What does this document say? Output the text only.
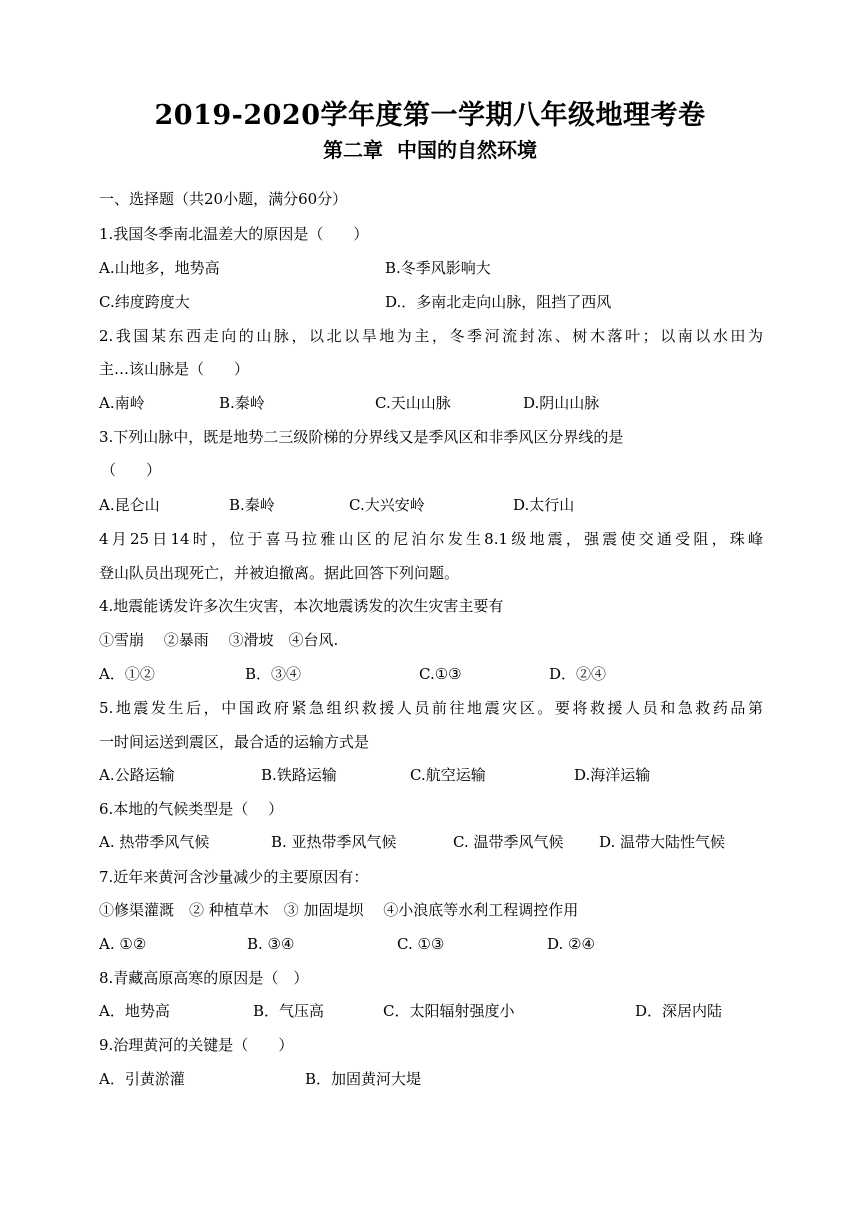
2019-2020学年度第一学期八年级地理考卷
第二章  中国的自然环境
一、选择题（共20小题，满分60分）
1.我国冬季南北温差大的原因是（　　）
A.山地多，地势高	B.冬季风影响大
C.纬度跨度大	D.．多南北走向山脉，阻挡了西风
2.我国某东西走向的山脉，以北以旱地为主，冬季河流封冻、树木落叶；以南以水田为
主…该山脉是（　　）
A.南岭	B.秦岭	C.天山山脉	D.阴山山脉
3.下列山脉中，既是地势二三级阶梯的分界线又是季风区和非季风区分界线的是
（　　）
A.昆仑山	B.秦岭	C.大兴安岭	D.太行山
4月25日14时，位于喜马拉雅山区的尼泊尔发生8.1级地震，强震使交通受阻，珠峰
登山队员出现死亡，并被迫撤离。据此回答下列问题。
4.地震能诱发许多次生灾害，本次地震诱发的次生灾害主要有
①雪崩　 ②暴雨　 ③滑坡　④台风.
A．①②	B．③④	C.①③	D．②④
5.地震发生后，中国政府紧急组织救援人员前往地震灾区。要将救援人员和急救药品第
一时间运送到震区，最合适的运输方式是
A.公路运输	B.铁路运输	C.航空运输	D.海洋运输
6.本地的气候类型是（　 ）
A. 热带季风气候	B. 亚热带季风气候	C. 温带季风气候 D. 温带大陆性气候
7.近年来黄河含沙量减少的主要原因有：
①修渠灌溉　② 种植草木　③ 加固堤坝　 ④小浪底等水利工程调控作用
A. ①②	B. ③④	C. ①③	D. ②④
8.青藏高原高寒的原因是（　）
A．地势高	B．气压高	C．太阳辐射强度小	D．深居内陆
9.治理黄河的关键是（　　）
A．引黄淤灌	B．加固黄河大堤
